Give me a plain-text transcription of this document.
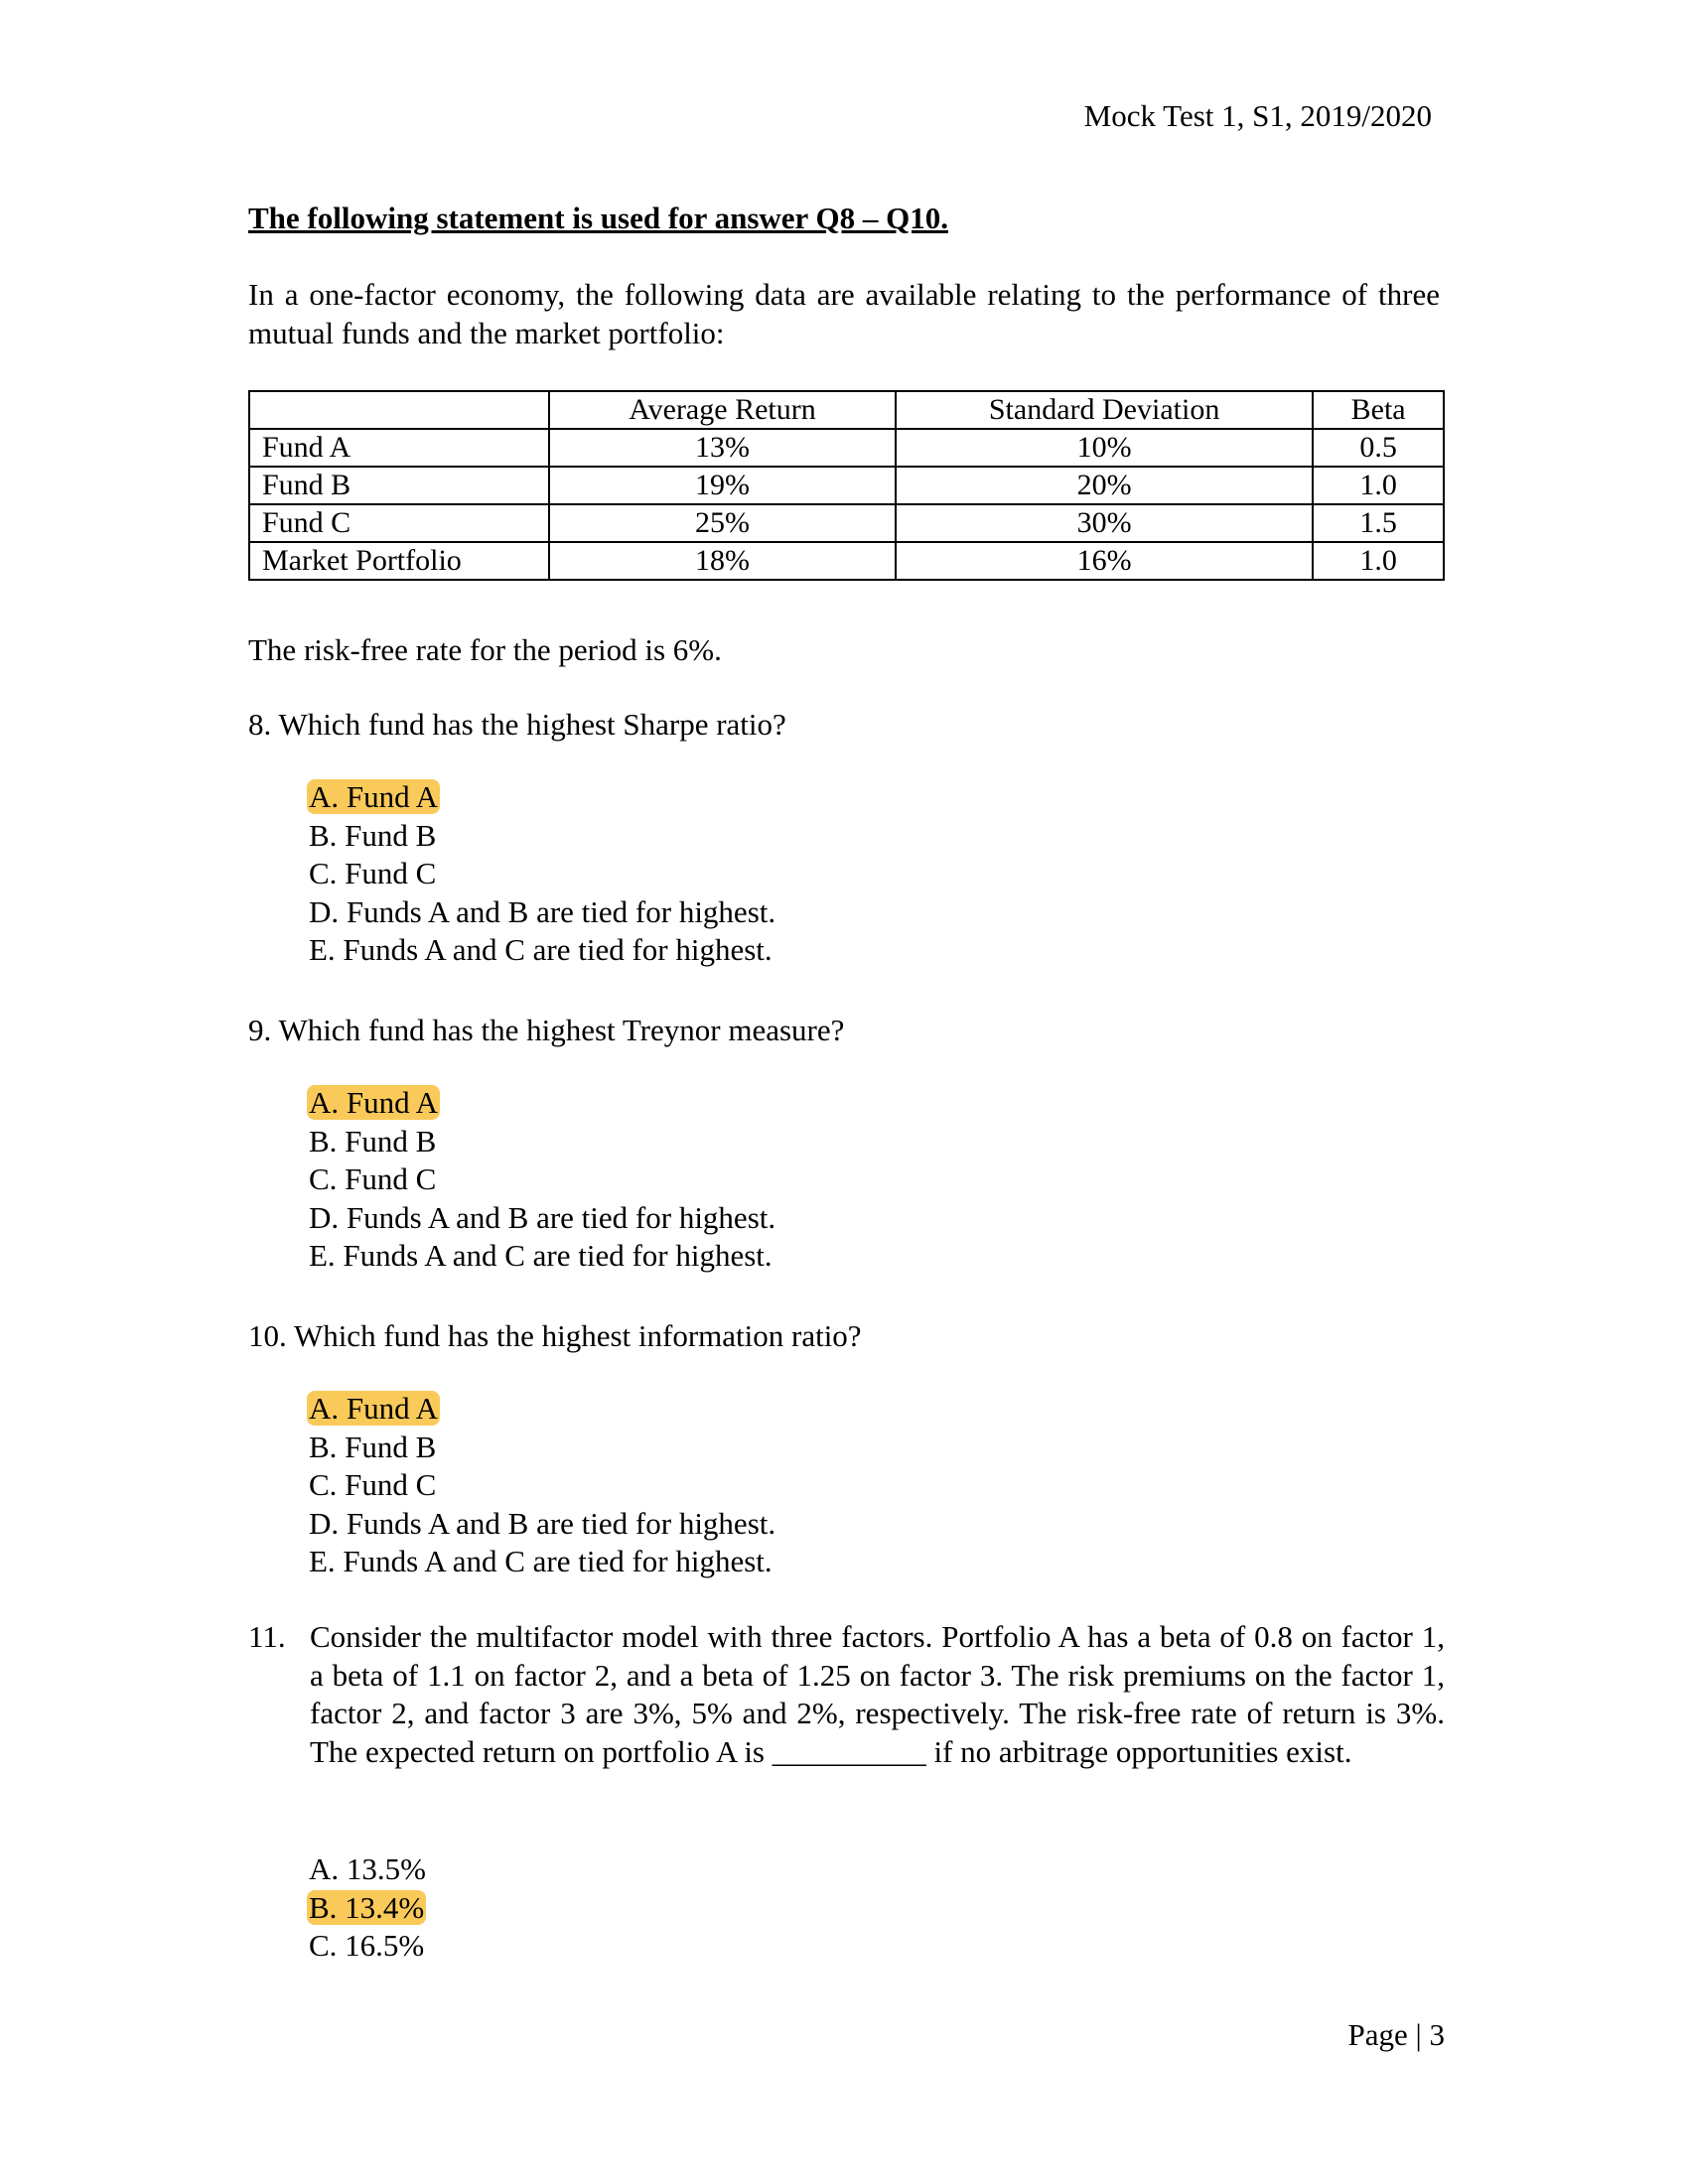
Mock Test 1, S1, 2019/2020
The following statement is used for answer Q8 – Q10.
In a one-factor economy, the following data are available relating to the performance of three mutual funds and the market portfolio:
	Average Return	Standard Deviation	Beta
Fund A	13%	10%	0.5
Fund B	19%	20%	1.0
Fund C	25%	30%	1.5
Market Portfolio	18%	16%	1.0
The risk-free rate for the period is 6%.
8. Which fund has the highest Sharpe ratio?
A. Fund A
B. Fund B
C. Fund C
D. Funds A and B are tied for highest.
E. Funds A and C are tied for highest.
9. Which fund has the highest Treynor measure?
A. Fund A
B. Fund B
C. Fund C
D. Funds A and B are tied for highest.
E. Funds A and C are tied for highest.
10. Which fund has the highest information ratio?
A. Fund A
B. Fund B
C. Fund C
D. Funds A and B are tied for highest.
E. Funds A and C are tied for highest.
11. Consider the multifactor model with three factors. Portfolio A has a beta of 0.8 on factor 1, a beta of 1.1 on factor 2, and a beta of 1.25 on factor 3. The risk premiums on the factor 1, factor 2, and factor 3 are 3%, 5% and 2%, respectively. The risk-free rate of return is 3%. The expected return on portfolio A is __________ if no arbitrage opportunities exist.
A. 13.5%
B. 13.4%
C. 16.5%
Page | 3
